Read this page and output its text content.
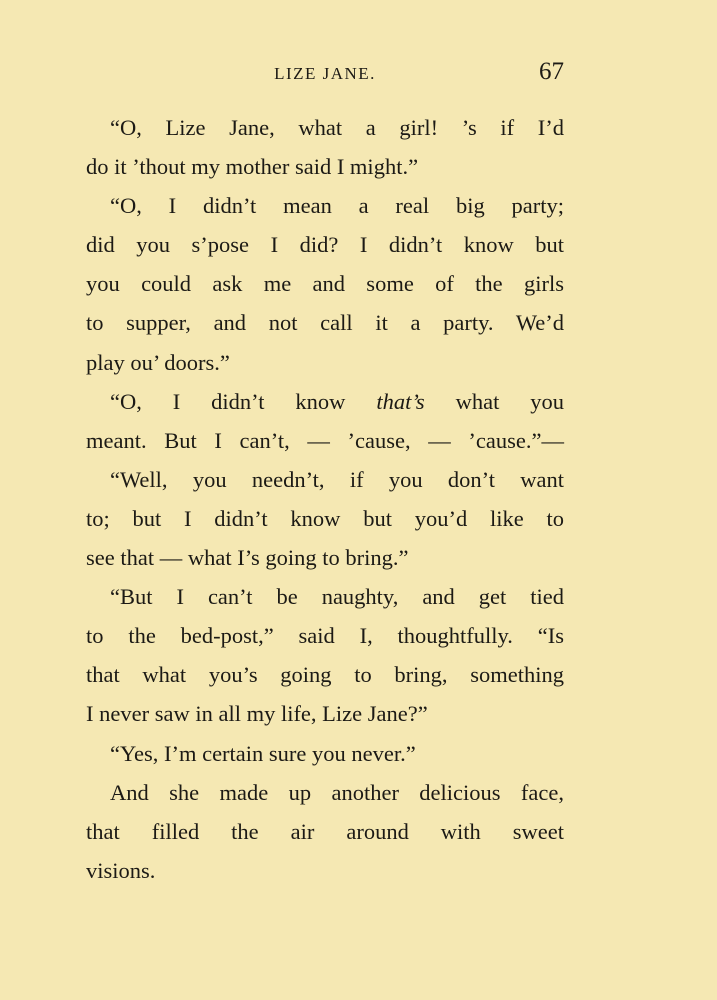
LIZE JANE.	67
“O, Lize Jane, what a girl! ’s if I’d
do it ’thout my mother said I might.”
“O, I didn’t mean a real big party;
did you s’pose I did? I didn’t know but
you could ask me and some of the girls
to supper, and not call it a party. We’d
play ou’ doors.”
“O, I didn’t know that’s what you
meant. But I can’t, — ’cause, — ’cause.”—
“Well, you needn’t, if you don’t want
to; but I didn’t know but you’d like to
see that — what I’s going to bring.”
“But I can’t be naughty, and get tied
to the bed-post,” said I, thoughtfully. “Is
that what you’s going to bring, something
I never saw in all my life, Lize Jane?”
“Yes, I’m certain sure you never.”
And she made up another delicious face,
that filled the air around with sweet
visions.
